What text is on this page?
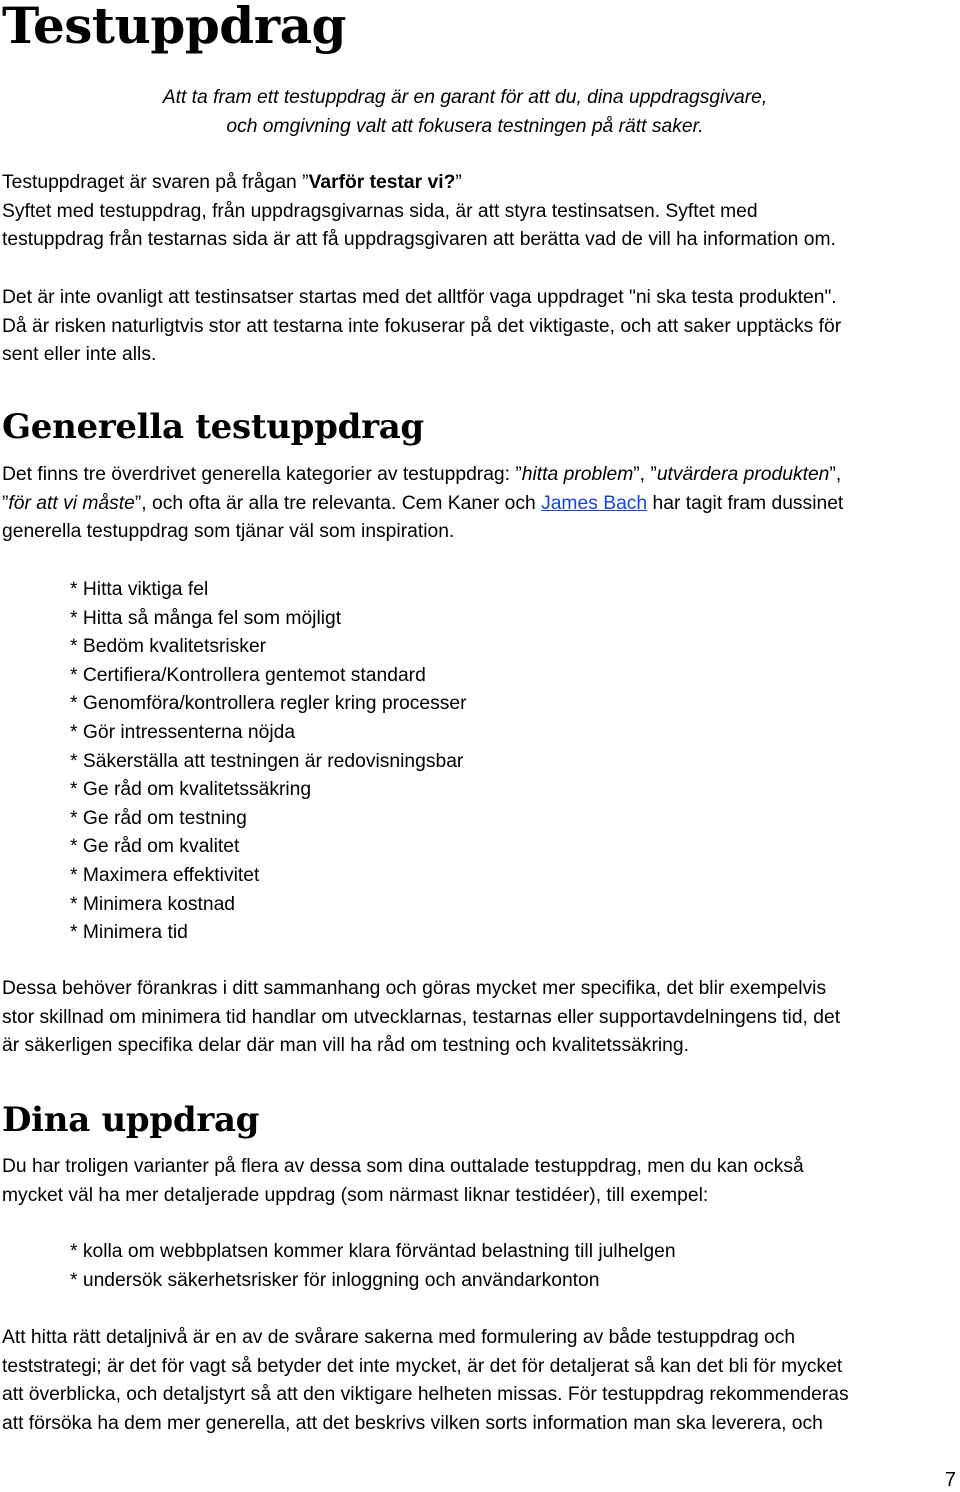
Testuppdrag
Att ta fram ett testuppdrag är en garant för att du, dina uppdragsgivare,
och omgivning valt att fokusera testningen på rätt saker.
Testuppdraget är svaren på frågan ”Varför testar vi?”
Syftet med testuppdrag, från uppdragsgivarnas sida, är att styra testinsatsen. Syftet med
testuppdrag från testarnas sida är att få uppdragsgivaren att berätta vad de vill ha information om.
Det är inte ovanligt att testinsatser startas med det alltför vaga uppdraget "ni ska testa produkten".
Då är risken naturligtvis stor att testarna inte fokuserar på det viktigaste, och att saker upptäcks för
sent eller inte alls.
Generella testuppdrag
Det finns tre överdrivet generella kategorier av testuppdrag: ”hitta problem”, ”utvärdera produkten”,
”för att vi måste”, och ofta är alla tre relevanta. Cem Kaner och James Bach har tagit fram dussinet
generella testuppdrag som tjänar väl som inspiration.
* Hitta viktiga fel
* Hitta så många fel som möjligt
* Bedöm kvalitetsrisker
* Certifiera/Kontrollera gentemot standard
* Genomföra/kontrollera regler kring processer
* Gör intressenterna nöjda
* Säkerställa att testningen är redovisningsbar
* Ge råd om kvalitetssäkring
* Ge råd om testning
* Ge råd om kvalitet
* Maximera effektivitet
* Minimera kostnad
* Minimera tid
Dessa behöver förankras i ditt sammanhang och göras mycket mer specifika, det blir exempelvis
stor skillnad om minimera tid handlar om utvecklarnas, testarnas eller supportavdelningens tid, det
är säkerligen specifika delar där man vill ha råd om testning och kvalitetssäkring.
Dina uppdrag
Du har troligen varianter på flera av dessa som dina outtalade testuppdrag, men du kan också
mycket väl ha mer detaljerade uppdrag (som närmast liknar testidéer), till exempel:
* kolla om webbplatsen kommer klara förväntad belastning till julhelgen
* undersök säkerhetsrisker för inloggning och användarkonton
Att hitta rätt detaljnivå är en av de svårare sakerna med formulering av både testuppdrag och
teststrategi; är det för vagt så betyder det inte mycket, är det för detaljerat så kan det bli för mycket
att överblicka, och detaljstyrt så att den viktigare helheten missas. För testuppdrag rekommenderas
att försöka ha dem mer generella, att det beskrivs vilken sorts information man ska leverera, och
7
